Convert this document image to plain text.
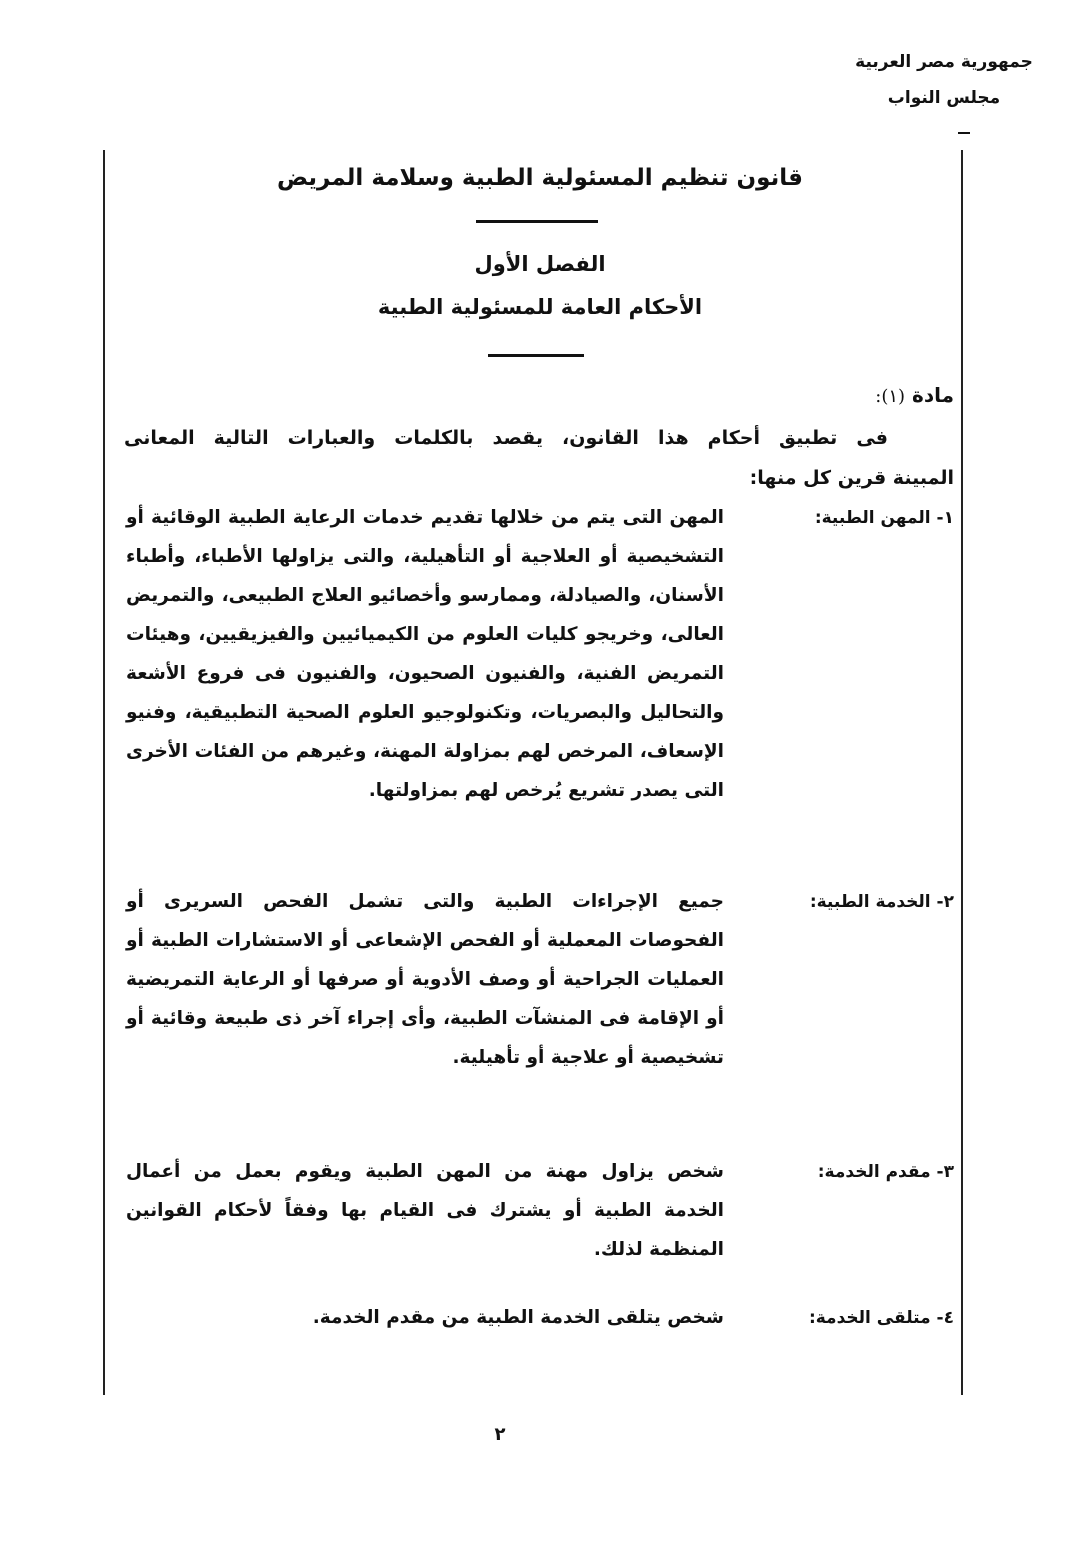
جمهورية مصر العربية
مجلس النواب
قانون تنظيم المسئولية الطبية وسلامة المريض
الفصل الأول
الأحكام العامة للمسئولية الطبية
مادة (١):
فى تطبيق أحكام هذا القانون، يقصد بالكلمات والعبارات التالية المعانى
المبينة قرين كل منها:
١- المهن الطبية:
المهن التى يتم من خلالها تقديم خدمات الرعاية الطبية الوقائية أو التشخيصية أو العلاجية أو التأهيلية، والتى يزاولها الأطباء، وأطباء الأسنان، والصيادلة، وممارسو وأخصائيو العلاج الطبيعى، والتمريض العالى، وخريجو كليات العلوم من الكيميائيين والفيزيقيين، وهيئات التمريض الفنية، والفنيون الصحيون، والفنيون فى فروع الأشعة والتحاليل والبصريات، وتكنولوجيو العلوم الصحية التطبيقية، وفنيو الإسعاف، المرخص لهم بمزاولة المهنة، وغيرهم من الفئات الأخرى التى يصدر تشريع يُرخص لهم بمزاولتها.
٢- الخدمة الطبية:
جميع الإجراءات الطبية والتى تشمل الفحص السريرى أو الفحوصات المعملية أو الفحص الإشعاعى أو الاستشارات الطبية أو العمليات الجراحية أو وصف الأدوية أو صرفها أو الرعاية التمريضية أو الإقامة فى المنشآت الطبية، وأى إجراء آخر ذى طبيعة وقائية أو تشخيصية أو علاجية أو تأهيلية.
٣- مقدم الخدمة:
شخص يزاول مهنة من المهن الطبية ويقوم بعمل من أعمال الخدمة الطبية أو يشترك فى القيام بها وفقاً لأحكام القوانين المنظمة لذلك.
٤- متلقى الخدمة:
شخص يتلقى الخدمة الطبية من مقدم الخدمة.
٢
